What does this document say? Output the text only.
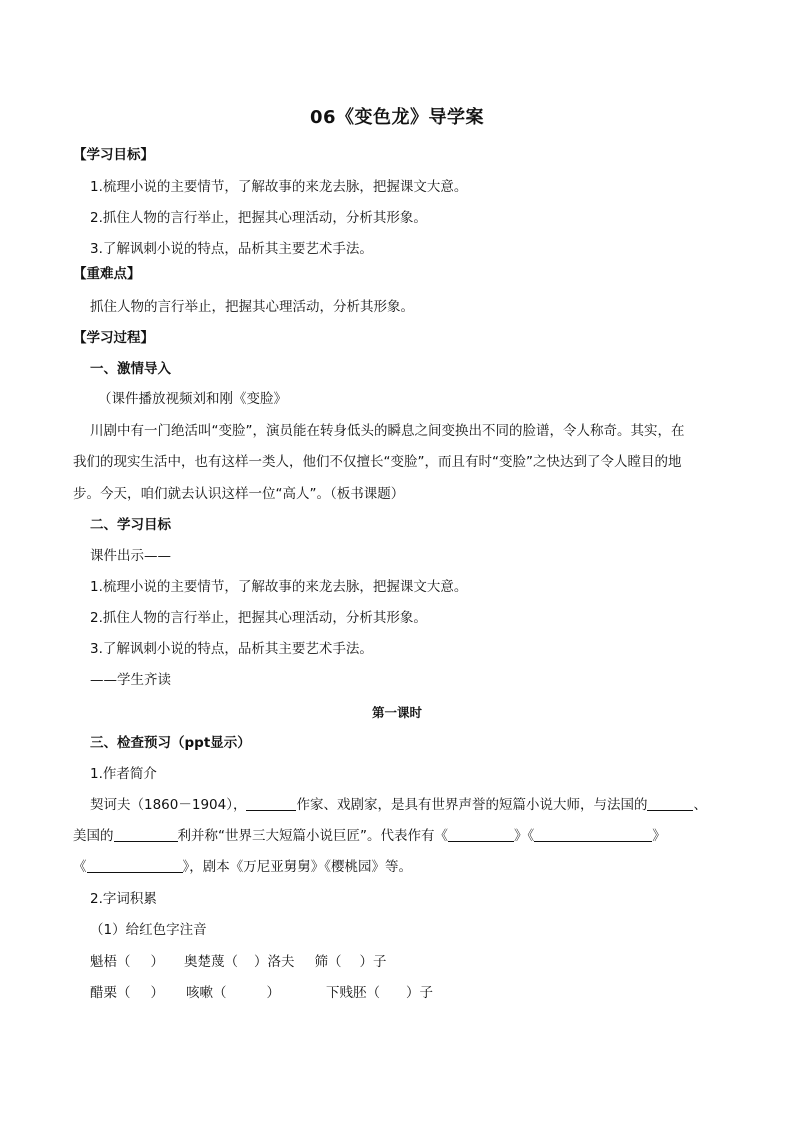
06《变色龙》导学案
【学习目标】
1.梳理小说的主要情节，了解故事的来龙去脉，把握课文大意。
2.抓住人物的言行举止，把握其心理活动，分析其形象。
3.了解讽刺小说的特点，品析其主要艺术手法。
【重难点】
抓住人物的言行举止，把握其心理活动，分析其形象。
【学习过程】
一、激情导入
（课件播放视频刘和刚《变脸》
川剧中有一门绝活叫“变脸”，演员能在转身低头的瞬息之间变换出不同的脸谱，令人称奇。其实，在
我们的现实生活中，也有这样一类人，他们不仅擅长“变脸”，而且有时“变脸”之快达到了令人瞠目的地
步。今天，咱们就去认识这样一位“高人”。（板书课题）
二、学习目标
课件出示——
1.梳理小说的主要情节，了解故事的来龙去脉，把握课文大意。
2.抓住人物的言行举止，把握其心理活动，分析其形象。
3.了解讽刺小说的特点，品析其主要艺术手法。
——学生齐读
第一课时
三、检查预习（ppt显示）
1.作者简介
契诃夫（1860－1904），	作家、戏剧家，是具有世界声誉的短篇小说大师，与法国的	、
美国的	利并称“世界三大短篇小说巨匠”。代表作有《	》《	》
《	》，剧本《万尼亚舅舅》《樱桃园》等。
2.字词积累
（1）给红色字注音
魁梧（ ） 奥楚蔑（ ）洛夫 筛（ ）子
醋栗（ ） 咳嗽（	）	下贱胚（ ）子
